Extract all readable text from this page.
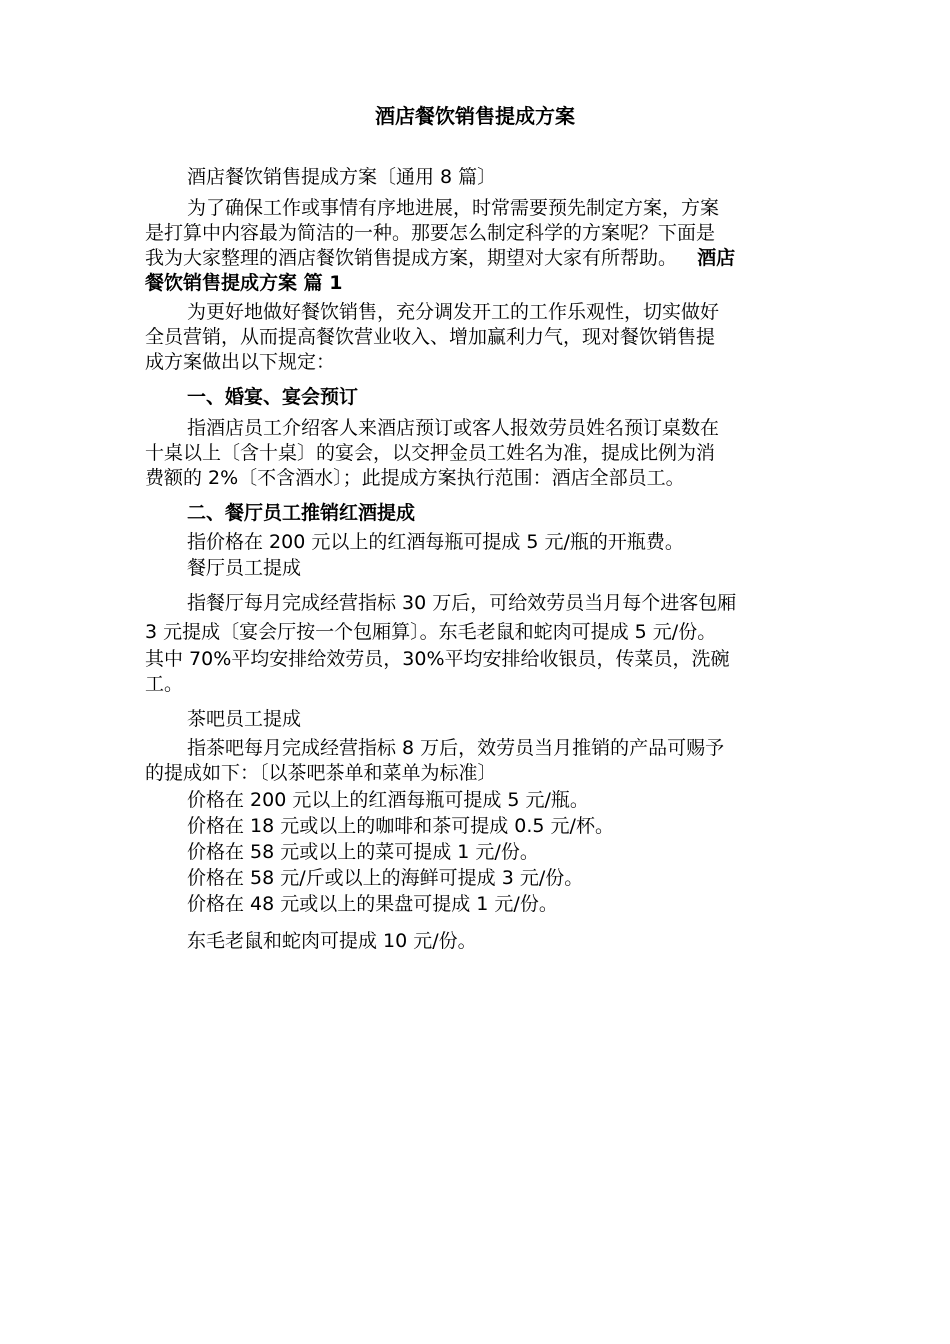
酒店餐饮销售提成方案
酒店餐饮销售提成方案〔通用 8 篇〕
为了确保工作或事情有序地进展，时常需要预先制定方案，方案
是打算中内容最为简洁的一种。那要怎么制定科学的方案呢？下面是
我为大家整理的酒店餐饮销售提成方案，期望对大家有所帮助。 酒店
餐饮销售提成方案 篇 1
为更好地做好餐饮销售，充分调发开工的工作乐观性，切实做好
全员营销，从而提高餐饮营业收入、增加赢利力气，现对餐饮销售提
成方案做出以下规定：
一、婚宴、宴会预订
指酒店员工介绍客人来酒店预订或客人报效劳员姓名预订桌数在
十桌以上〔含十桌〕的宴会，以交押金员工姓名为准，提成比例为消
费额的 2%〔不含酒水〕；此提成方案执行范围：酒店全部员工。
二、餐厅员工推销红酒提成
指价格在 200 元以上的红酒每瓶可提成 5 元/瓶的开瓶费。
餐厅员工提成
指餐厅每月完成经营指标 30 万后，可给效劳员当月每个进客包厢
3 元提成〔宴会厅按一个包厢算〕。东毛老鼠和蛇肉可提成 5 元/份。
其中 70%平均安排给效劳员，30%平均安排给收银员，传菜员，洗碗
工。
茶吧员工提成
指茶吧每月完成经营指标 8 万后，效劳员当月推销的产品可赐予
的提成如下：〔以茶吧茶单和菜单为标准〕
价格在 200 元以上的红酒每瓶可提成 5 元/瓶。
价格在 18 元或以上的咖啡和茶可提成 0.5 元/杯。
价格在 58 元或以上的菜可提成 1 元/份。
价格在 58 元/斤或以上的海鲜可提成 3 元/份。
价格在 48 元或以上的果盘可提成 1 元/份。
东毛老鼠和蛇肉可提成 10 元/份。
